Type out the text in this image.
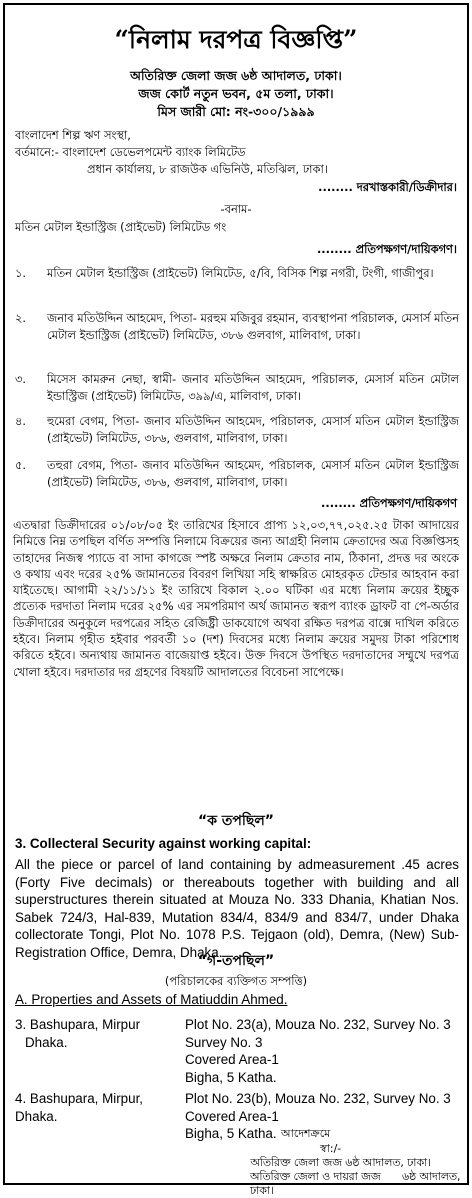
“নিলাম দরপত্র বিজ্ঞপ্তি”
অতিরিক্ত জেলা জজ ৬ষ্ঠ আদালত, ঢাকা।
জজ কোর্ট নতুন ভবন, ৫ম তলা, ঢাকা।
মিস জারী মো: নং-৩০০/১৯৯৯
বাংলাদেশ শিল্প ঋণ সংস্থা,
বর্তমানে:- বাংলাদেশ ডেভেলপমেন্ট ব্যাংক লিমিটেড
প্রধান কার্যালয়, ৮ রাজউক এভিনিউ, মতিঝিল, ঢাকা।
........ দরখাস্তকারী/ডিক্রীদার।
-বনাম-
মতিন মেটাল ইন্ডাস্ট্রিজ (প্রাইভেট) লিমিটেড গং
........ প্রতিপক্ষগণ/দায়িকগণ।
১. মতিন মেটাল ইন্ডাস্ট্রিজ (প্রাইভেট) লিমিটেড, ৫/বি, বিসিক শিল্প নগরী, টংগী, গাজীপুর।
২. জনাব মতিউদ্দিন আহমেদ, পিতা- মরহুম মজিবুর রহমান, ব্যবস্থাপনা পরিচালক, মেসার্স মতিন মেটাল ইন্ডাস্ট্রিজ (প্রাইভেট) লিমিটেড, ৩৮৬ গুলবাগ, মালিবাগ, ঢাকা।
৩. মিসেস কামরুন নেছা, স্বামী- জনাব মতিউদ্দিন আহমেদ, পরিচালক, মেসার্স মতিন মেটাল ইন্ডাস্ট্রিজ (প্রাইভেট) লিমিটেড, ৩৯৯/এ, মালিবাগ, ঢাকা।
৪. হুমেরা বেগম, পিতা- জনাব মতিউদ্দিন আহমেদ, পরিচালক, মেসার্স মতিন মেটাল ইন্ডাস্ট্রিজ (প্রাইভেট) লিমিটেড, ৩৮৬, গুলবাগ, মালিবাগ, ঢাকা।
৫. তহুরা বেগম, পিতা- জনাব মতিউদ্দিন আহমেদ, পরিচালক, মেসার্স মতিন মেটাল ইন্ডাস্ট্রিজ (প্রাইভেট) লিমিটেড, ৩৮৬, গুলবাগ, মালিবাগ, ঢাকা।
........ প্রতিপক্ষগণ/দায়িকগণ
এতদ্বারা ডিক্রীদারের ০১/০৮/০৫ ইং তারিখের হিসাবে প্রাপ্য ১২,০৩,৭৭,০২৫.২৫ টাকা আদায়ের নিমিত্তে নিম্ন তপছিল বর্ণিত সম্পত্তি নিলামে বিক্রয়ের জন্য আগ্রহী নিলাম ক্রেতাদের অত্র বিজ্ঞপ্তিসহ তাহাদের নিজস্ব প্যাডে বা সাদা কাগজে স্পষ্ট অক্ষরে নিলাম ক্রেতার নাম, ঠিকানা, প্রদত্ত দর অংকে ও কথায় এবং দরের ২৫% জামানতের বিবরণ লিখিয়া সহি স্বাক্ষরিত মোহরকৃত টেন্ডার আহবান করা যাইতেছে। আগামী ২২/১১/১১ ইং তারিখে বিকাল ২.০০ ঘটিকা এর মধ্যে নিলাম ক্রয়ের ইচ্ছুক প্রত্যেক দরদাতা নিলাম দরের ২৫% এর সমপরিমাণ অর্থ জামানত স্বরূপ ব্যাংক ড্রাফট বা পে-অর্ডার ডিক্রীদারের অনুকূলে দরপত্রের সহিত রেজিষ্ট্রী ডাকযোগে অথবা রক্ষিত দরপত্র বাক্সে দাখিল করিতে হইবে। নিলাম গৃহীত হইবার পরবর্তী ১০ (দশ) দিবসের মধ্যে নিলাম ক্রয়ের সমুদয় টাকা পরিশোধ করিতে হইবে। অন্যথায় জামানত বাজেয়াপ্ত হইবে। উক্ত দিবসে উপস্থিত দরদাতাদের সম্মুখে দরপত্র খোলা হইবে। দরদাতার দর গ্রহণের বিষয়টি আদালতের বিবেচনা সাপেক্ষে।
“ক তপছিল”
3. Collecteral Security against working capital:
All the piece or parcel of land containing by admeasurement .45 acres (Forty Five decimals) or thereabouts together with building and all superstructures therein situated at Mouza No. 333 Dhania, Khatian Nos. Sabek 724/3, Hal-839, Mutation 834/4, 834/9 and 834/7, under Dhaka collectorate Tongi, Plot No. 1078 P.S. Tejgaon (old), Demra, (New) Sub-Registration Office, Demra, Dhaka.
“গ-তপছিল”
(পরিচালকের ব্যক্তিগত সম্পত্তি)
A. Properties and Assets of Matiuddin Ahmed.
3. Bashupara, Mirpur
Dhaka.
Plot No. 23(a), Mouza No. 232, Survey No. 3
Survey No. 3
Covered Area-1
Bigha, 5 Katha.
4. Bashupara, Mirpur,
Dhaka.
Plot No. 23(b), Mouza No. 232, Survey No. 3
Covered Area-1
Bigha, 5 Katha. আদেশক্রমে
স্বা:/-
অতিরিক্ত জেলা জজ ৬ষ্ঠ আদালত, ঢাকা।
অতিরিক্ত জেলা ও দায়রা জজ ৬ষ্ঠ আদালত, ঢাকা।
